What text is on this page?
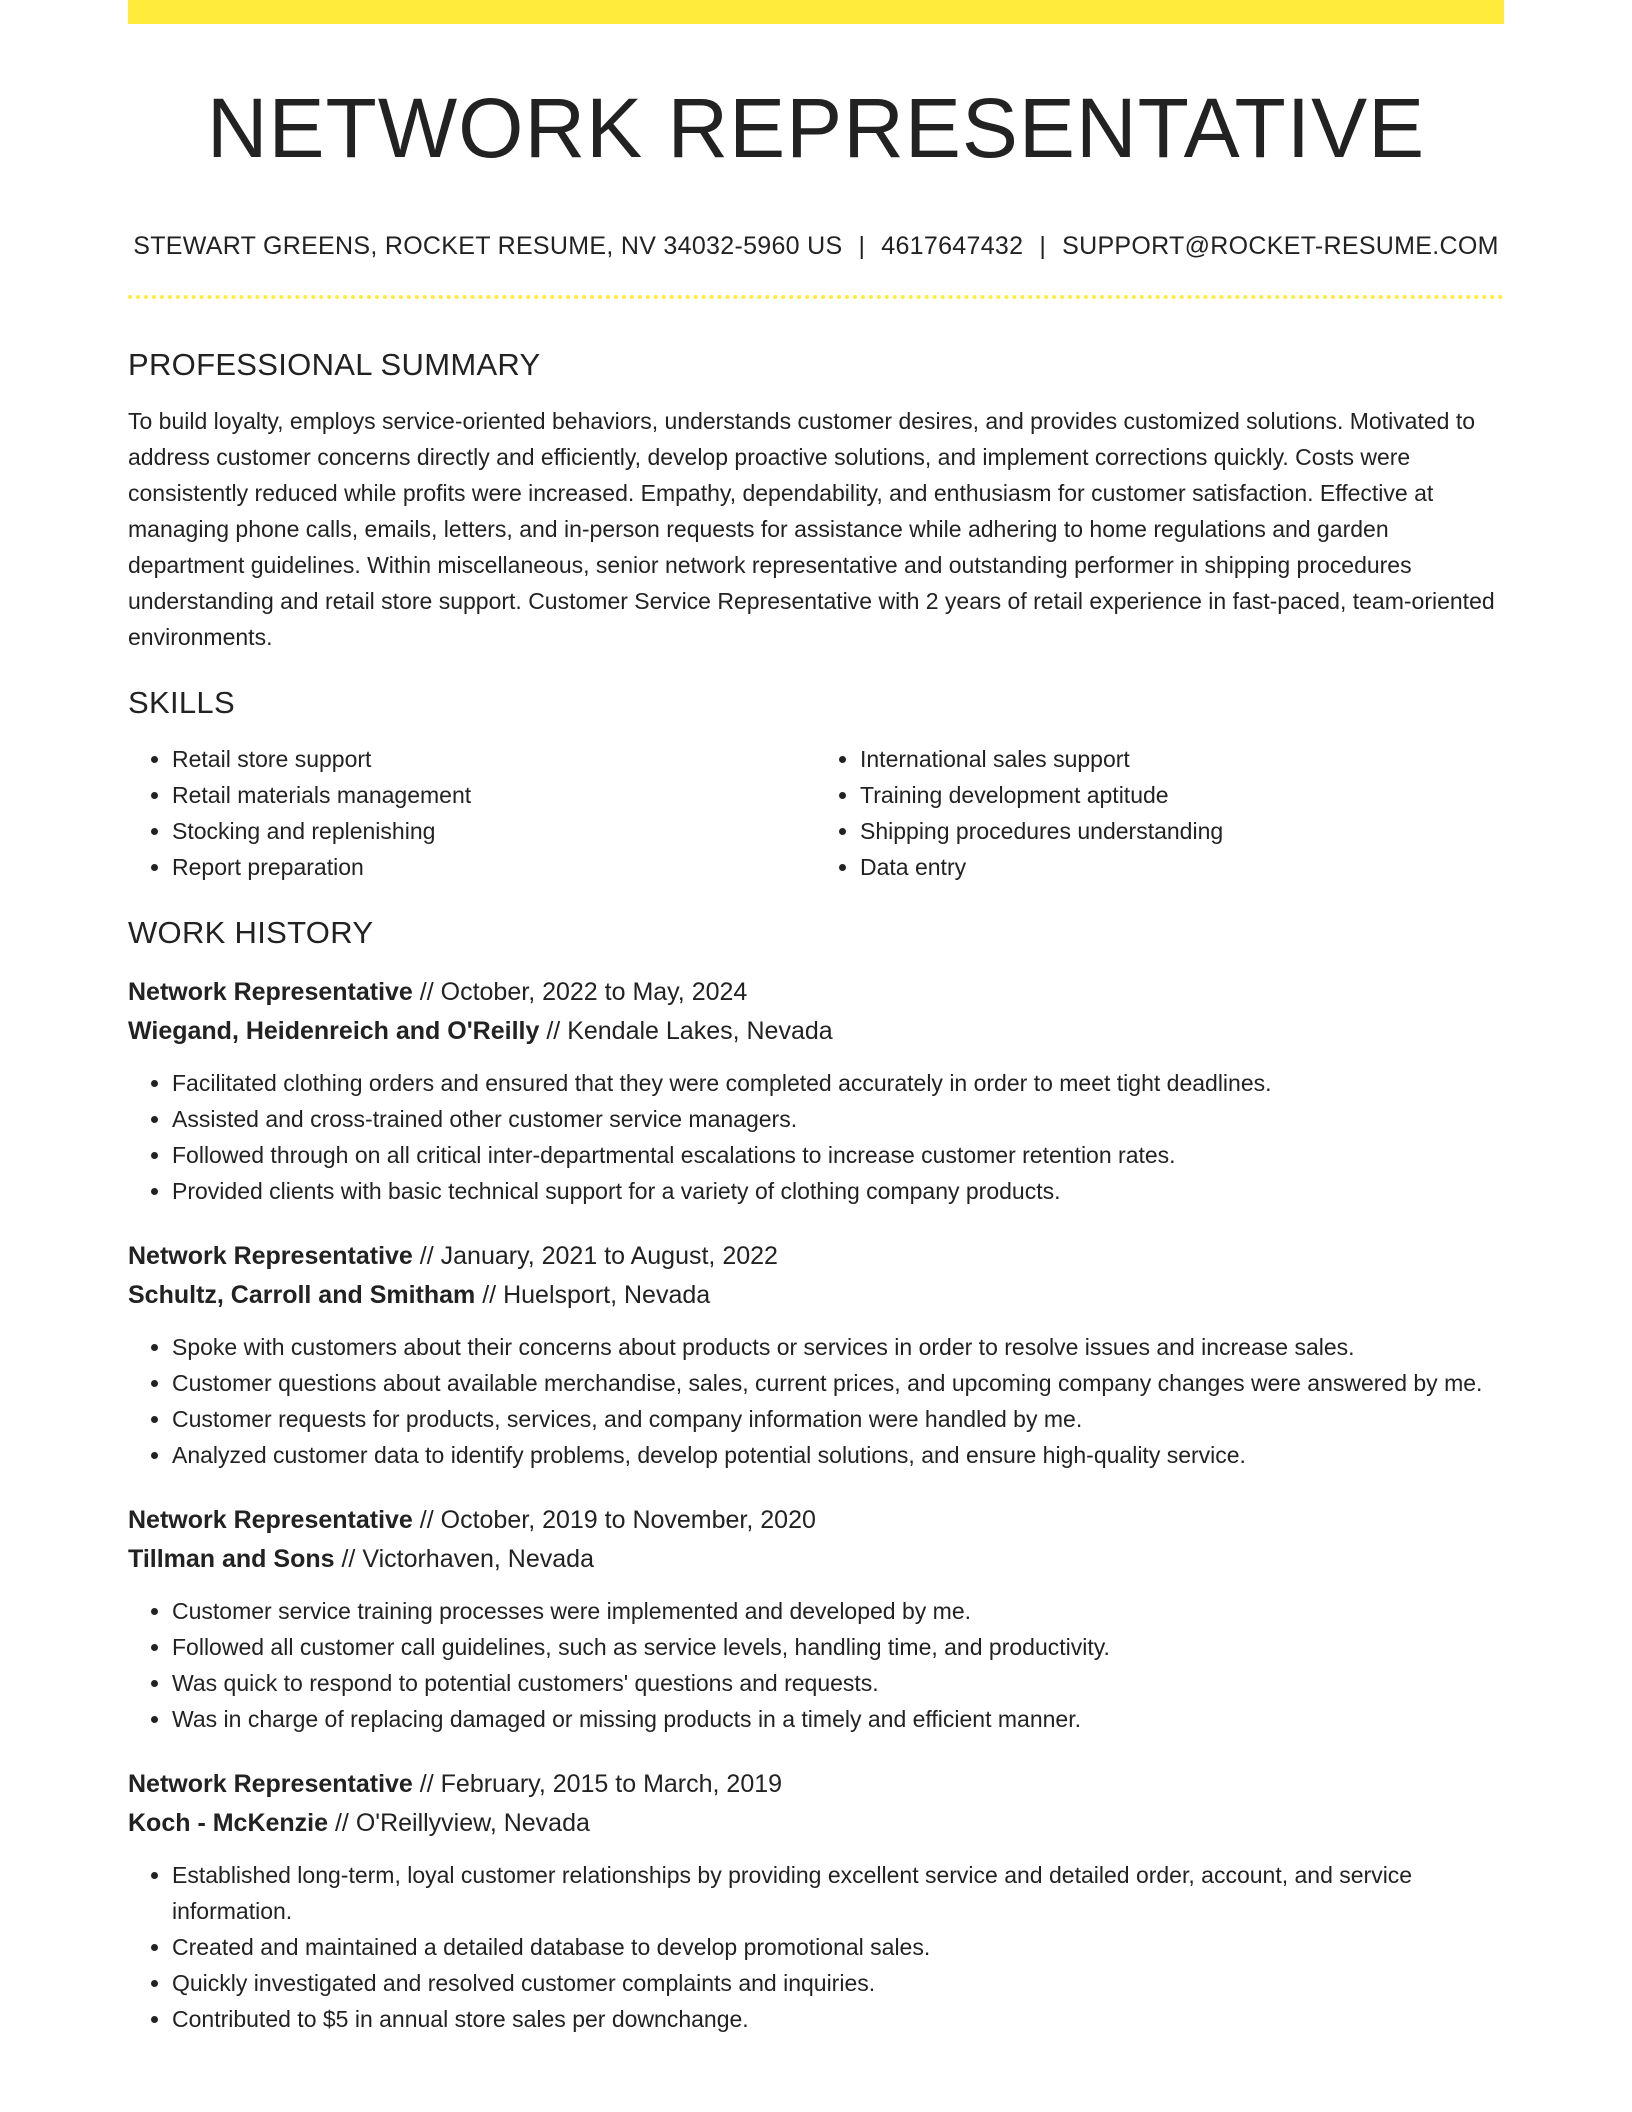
NETWORK REPRESENTATIVE
STEWART GREENS, ROCKET RESUME, NV 34032-5960 US | 4617647432 | SUPPORT@ROCKET-RESUME.COM
PROFESSIONAL SUMMARY

To build loyalty, employs service-oriented behaviors, understands customer desires, and provides customized solutions. Motivated to address customer concerns directly and efficiently, develop proactive solutions, and implement corrections quickly. Costs were consistently reduced while profits were increased. Empathy, dependability, and enthusiasm for customer satisfaction. Effective at managing phone calls, emails, letters, and in-person requests for assistance while adhering to home regulations and garden department guidelines. Within miscellaneous, senior network representative and outstanding performer in shipping procedures understanding and retail store support. Customer Service Representative with 2 years of retail experience in fast-paced, team-oriented environments.

SKILLS
• Retail store support
• Retail materials management
• Stocking and replenishing
• Report preparation
• International sales support
• Training development aptitude
• Shipping procedures understanding
• Data entry
WORK HISTORY
Network Representative // October, 2022 to May, 2024
Wiegand, Heidenreich and O'Reilly // Kendale Lakes, Nevada
• Facilitated clothing orders and ensured that they were completed accurately in order to meet tight deadlines.
• Assisted and cross-trained other customer service managers.
• Followed through on all critical inter-departmental escalations to increase customer retention rates.
• Provided clients with basic technical support for a variety of clothing company products.
Network Representative // January, 2021 to August, 2022
Schultz, Carroll and Smitham // Huelsport, Nevada
• Spoke with customers about their concerns about products or services in order to resolve issues and increase sales.
• Customer questions about available merchandise, sales, current prices, and upcoming company changes were answered by me.
• Customer requests for products, services, and company information were handled by me.
• Analyzed customer data to identify problems, develop potential solutions, and ensure high-quality service.
Network Representative // October, 2019 to November, 2020
Tillman and Sons // Victorhaven, Nevada
• Customer service training processes were implemented and developed by me.
• Followed all customer call guidelines, such as service levels, handling time, and productivity.
• Was quick to respond to potential customers' questions and requests.
• Was in charge of replacing damaged or missing products in a timely and efficient manner.
Network Representative // February, 2015 to March, 2019
Koch - McKenzie // O'Reillyview, Nevada
• Established long-term, loyal customer relationships by providing excellent service and detailed order, account, and service information.
• Created and maintained a detailed database to develop promotional sales.
• Quickly investigated and resolved customer complaints and inquiries.
• Contributed to $5 in annual store sales per downchange.
